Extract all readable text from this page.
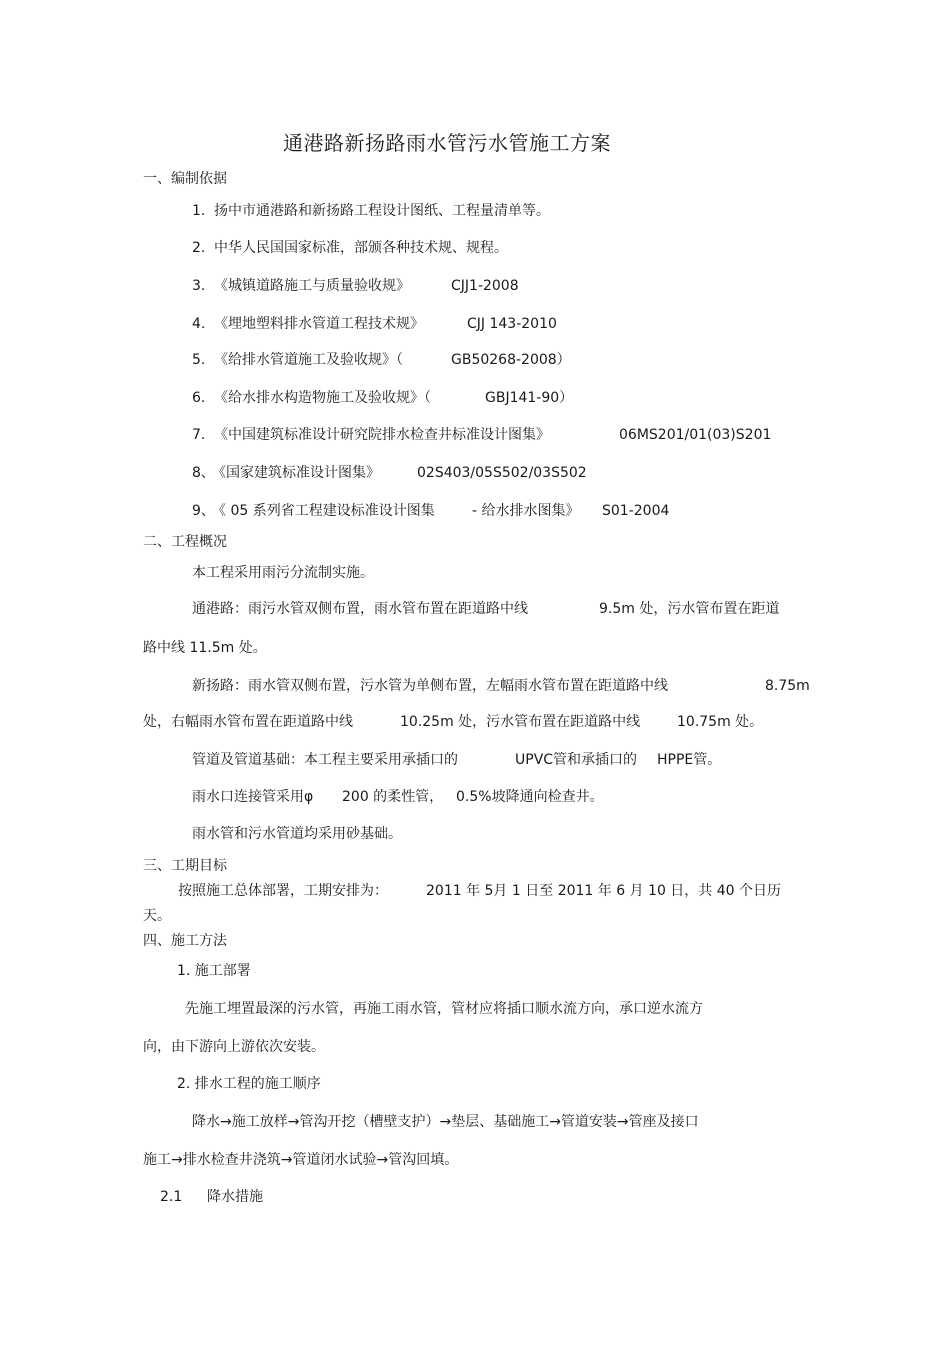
通港路新扬路雨水管污水管施工方案
一、编制依据
1. 扬中市通港路和新扬路工程设计图纸、工程量清单等。
2. 中华人民国国家标准，部颁各种技术规、规程。
3. 《城镇道路施工与质量验收规》	CJJ1-2008
4. 《埋地塑料排水管道工程技术规》	CJJ 143-2010
5. 《给排水管道施工及验收规》（	GB50268-2008）
6. 《给水排水构造物施工及验收规》（	GBJ141-90）
7. 《中国建筑标准设计研究院排水检查井标准设计图集》	06MS201/01(03)S201
8、
《国家建筑标准设计图集》	02S403/05S502/03S502
9、
《 05 系列省工程建设标准设计图集	- 给水排水图集》 S01-2004
二、工程概况
本工程采用雨污分流制实施。
通港路：雨污水管双侧布置，雨水管布置在距道路中线	9.5m 处，污水管布置在距道
路中线 11.5m 处。
新扬路：雨水管双侧布置，污水管为单侧布置，左幅雨水管布置在距道路中线	8.75m
处，右幅雨水管布置在距道路中线	10.25m 处，污水管布置在距道路中线	10.75m 处。
管道及管道基础：本工程主要采用承插口的	UPVC管和承插口的 HPPE管。
雨水口连接管采用φ 200 的柔性管， 0.5%坡降通向检查井。
雨水管和污水管道均采用砂基础。
三、工期目标
按照施工总体部署，工期安排为：	2011 年 5月 1 日至 2011 年 6 月 10 日，共 40 个日历
天。
四、施工方法
1. 施工部署
先施工埋置最深的污水管，再施工雨水管，管材应将插口顺水流方向，承口逆水流方
向，由下游向上游依次安装。
2. 排水工程的施工顺序
降水→施工放样→管沟开挖（槽壁支护）→垫层、基础施工→管道安装→管座及接口
施工→排水检查井浇筑→管道闭水试验→管沟回填。
2.1 降水措施
